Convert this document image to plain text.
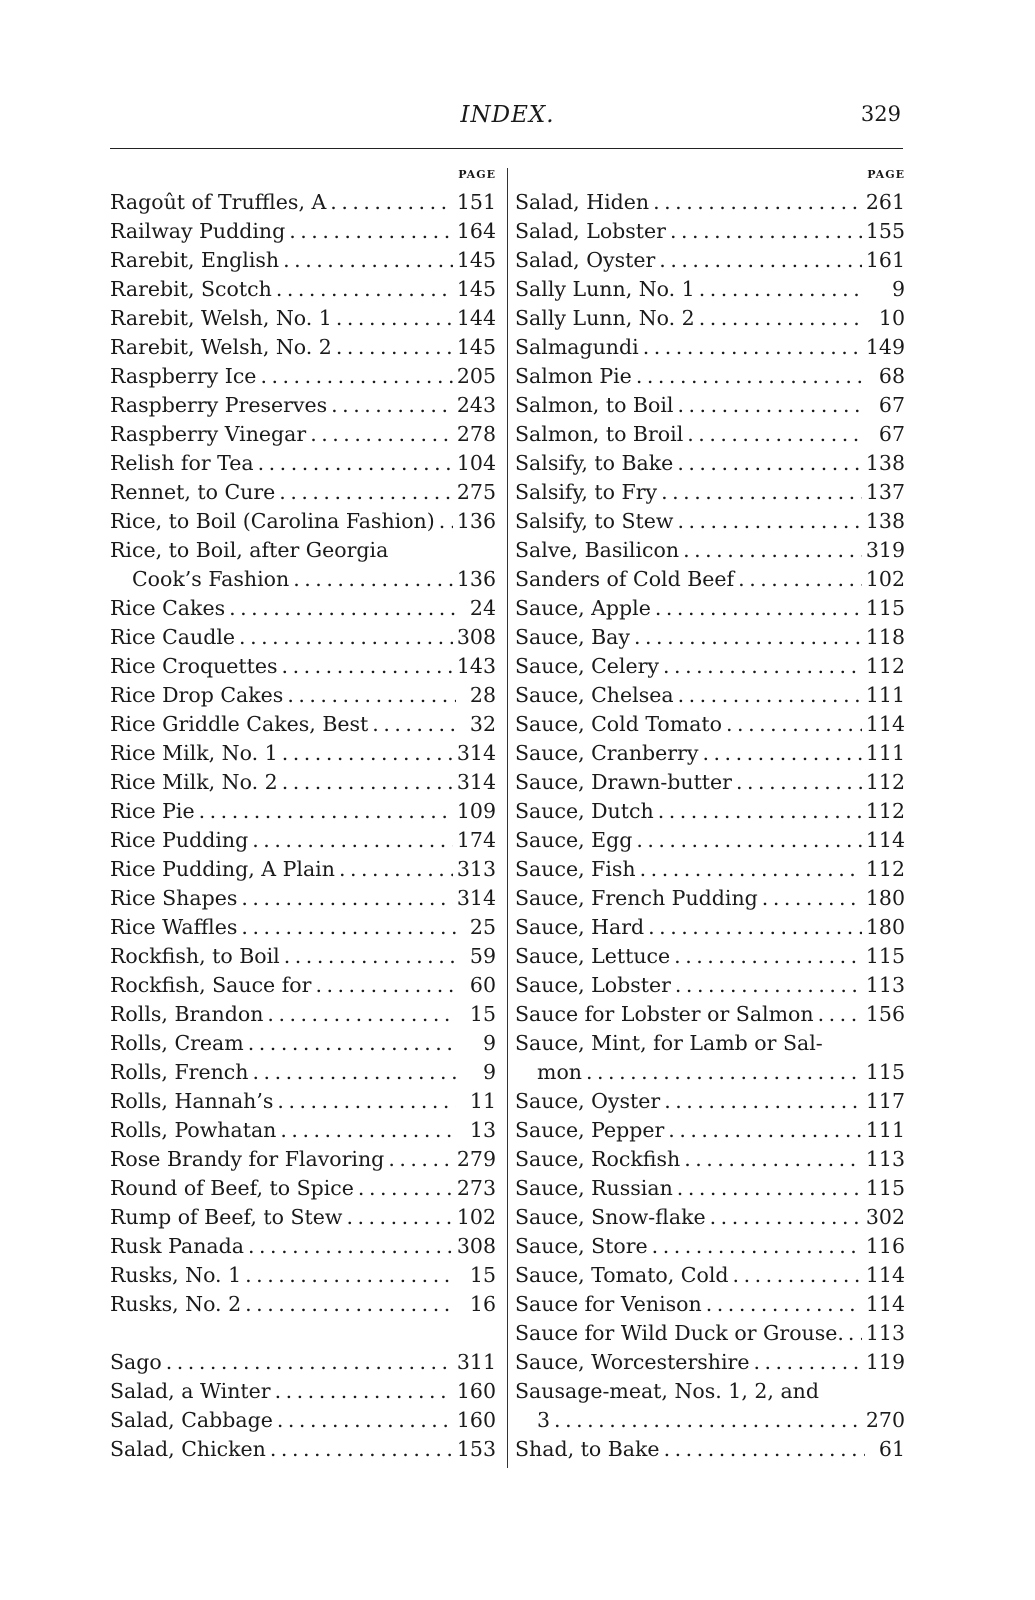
INDEX.	329
PAGE
Ragoût of Truffles, A . . .	151
Railway Pudding . . .	164
Rarebit, English . . .	145
Rarebit, Scotch . . .	145
Rarebit, Welsh, No. 1 . . .	144
Rarebit, Welsh, No. 2 . . .	145
Raspberry Ice . . .	205
Raspberry Preserves . . .	243
Raspberry Vinegar . . .	278
Relish for Tea . . .	104
Rennet, to Cure . . .	275
Rice, to Boil (Carolina Fashion) . . . 136
Rice, to Boil, after Georgia
Cook’s Fashion . . .	136
Rice Cakes . . .	24
Rice Caudle . . .	308
Rice Croquettes . . .	143
Rice Drop Cakes . . .	28
Rice Griddle Cakes, Best . . .	32
Rice Milk, No. 1 . . .	314
Rice Milk, No. 2 . . .	314
Rice Pie . . .	109
Rice Pudding . . .	174
Rice Pudding, A Plain . . .	313
Rice Shapes . . .	314
Rice Waffles . . .	25
Rockfish, to Boil . . .	59
Rockfish, Sauce for . . .	60
Rolls, Brandon . . .	15
Rolls, Cream . . .	9
Rolls, French . . .	9
Rolls, Hannah’s . . .	11
Rolls, Powhatan . . .	13
Rose Brandy for Flavoring . . .	279
Round of Beef, to Spice . . .	273
Rump of Beef, to Stew . . .	102
Rusk Panada . . .	308
Rusks, No. 1 . . .	15
Rusks, No. 2 . . .	16
Sago . . .	311
Salad, a Winter . . .	160
Salad, Cabbage . . .	160
Salad, Chicken . . .	153
PAGE
Salad, Hiden . . .	261
Salad, Lobster . . .	155
Salad, Oyster . . .	161
Sally Lunn, No. 1 . . .	9
Sally Lunn, No. 2 . . .	10
Salmagundi . . .	149
Salmon Pie . . .	68
Salmon, to Boil . . .	67
Salmon, to Broil . . .	67
Salsify, to Bake . . .	138
Salsify, to Fry . . .	137
Salsify, to Stew . . .	138
Salve, Basilicon . . .	319
Sanders of Cold Beef . . .	102
Sauce, Apple . . .	115
Sauce, Bay . . .	118
Sauce, Celery . . .	112
Sauce, Chelsea . . .	111
Sauce, Cold Tomato . . .	114
Sauce, Cranberry . . .	111
Sauce, Drawn-butter . . .	112
Sauce, Dutch . . .	112
Sauce, Egg . . .	114
Sauce, Fish . . .	112
Sauce, French Pudding . . .	180
Sauce, Hard . . .	180
Sauce, Lettuce . . .	115
Sauce, Lobster . . .	113
Sauce for Lobster or Salmon . . .	156
Sauce, Mint, for Lamb or Sal-
mon . . .	115
Sauce, Oyster . . .	117
Sauce, Pepper . . .	111
Sauce, Rockfish . . .	113
Sauce, Russian . . .	115
Sauce, Snow-flake . . .	302
Sauce, Store . . .	116
Sauce, Tomato, Cold . . .	114
Sauce for Venison . . .	114
Sauce for Wild Duck or Grouse. . . . 113
Sauce, Worcestershire . . .	119
Sausage-meat, Nos. 1, 2, and
3 . . .	270
Shad, to Bake . . .	61
